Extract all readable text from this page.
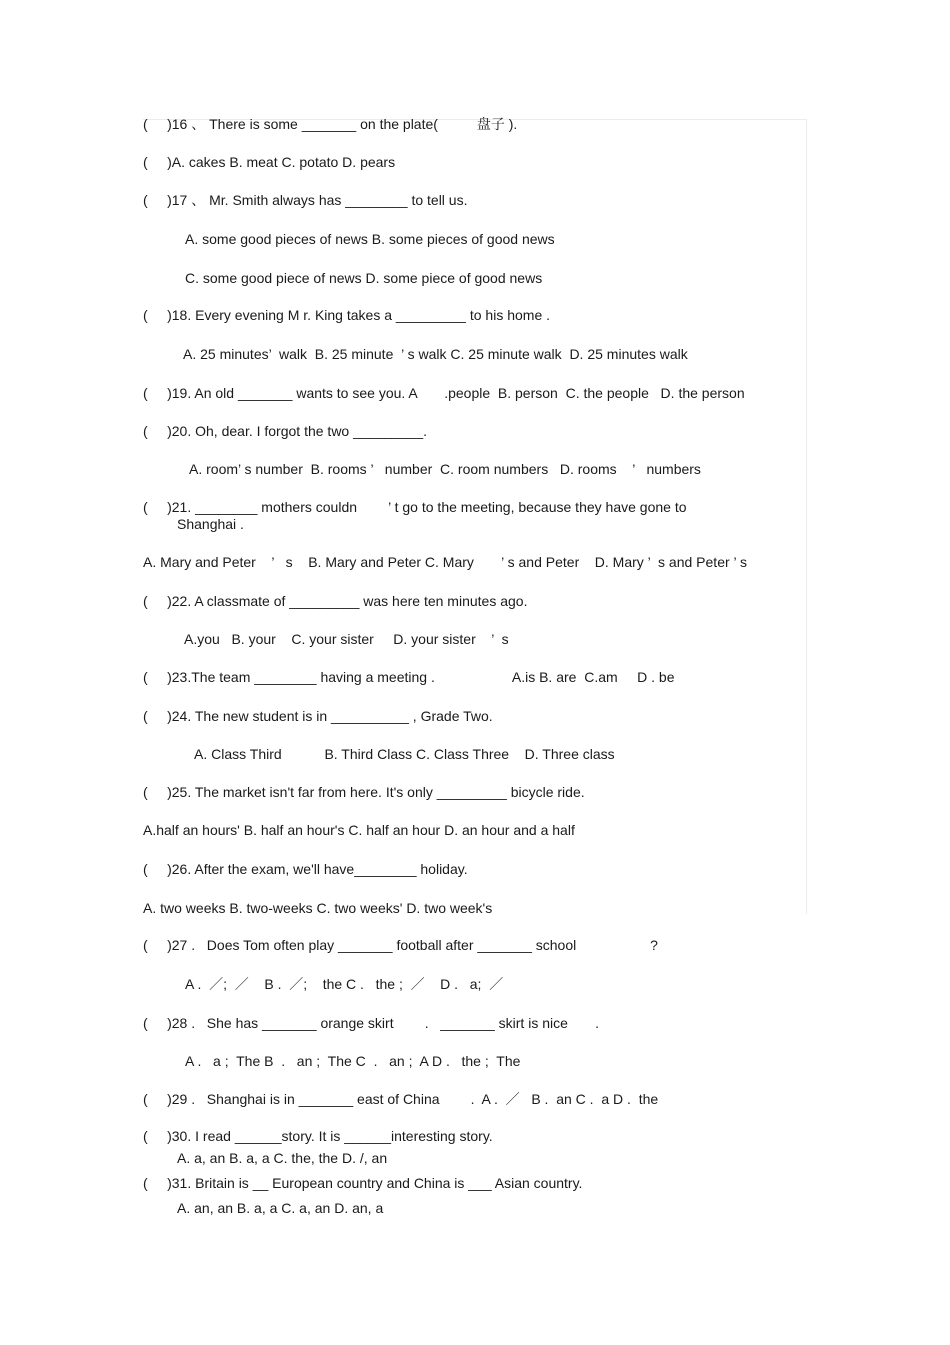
(     )16 、 There is some _______ on the plate(          盘子 ).
(     )A. cakes B. meat C. potato D. pears
(     )17 、 Mr. Smith always has ________ to tell us.
A. some good pieces of news B. some pieces of good news
C. some good piece of news D. some piece of good news
(     )18. Every evening M r. King takes a _________ to his home .
A. 25 minutes’  walk  B. 25 minute  ’ s walk C. 25 minute walk  D. 25 minutes walk
(     )19. An old _______ wants to see you. A       .people  B. person  C. the people   D. the person
(     )20. Oh, dear. I forgot the two _________.
A. room’ s number  B. rooms ’   number  C. room numbers   D. rooms    ’   numbers
(     )21. ________ mothers couldn        ’ t go to the meeting, because they have gone to
Shanghai .
A. Mary and Peter    ’   s    B. Mary and Peter C. Mary       ’ s and Peter    D. Mary ’  s and Peter ’ s
(     )22. A classmate of _________ was here ten minutes ago.
A.you   B. your    C. your sister     D. your sister    ’  s
(     )23.The team ________ having a meeting .                    A.is B. are  C.am     D . be
(     )24. The new student is in __________ , Grade Two.
A. Class Third           B. Third Class C. Class Three    D. Three class
(     )25. The market isn't far from here. It's only _________ bicycle ride.
A.half an hours' B. half an hour's C. half an hour D. an hour and a half
(     )26. After the exam, we'll have________ holiday.
A. two weeks B. two-weeks C. two weeks' D. two week's
(     )27 .   Does Tom often play _______ football after _______ school                   ?
A .  ／;  ／    B .  ／;    the C .   the ;  ／    D .   a;  ／
(     )28 .   She has _______ orange skirt        .   _______ skirt is nice       .
A .   a ;  The B  .   an ;  The C  .   an ;  A D .   the ;  The
(     )29 .   Shanghai is in _______ east of China        .  A .  ／   B .  an C .  a D .  the
(     )30. I read ______story. It is ______interesting story.
A. a, an B. a, a C. the, the D. /, an
(     )31. Britain is __ European country and China is ___ Asian country.
A. an, an B. a, a C. a, an D. an, a
